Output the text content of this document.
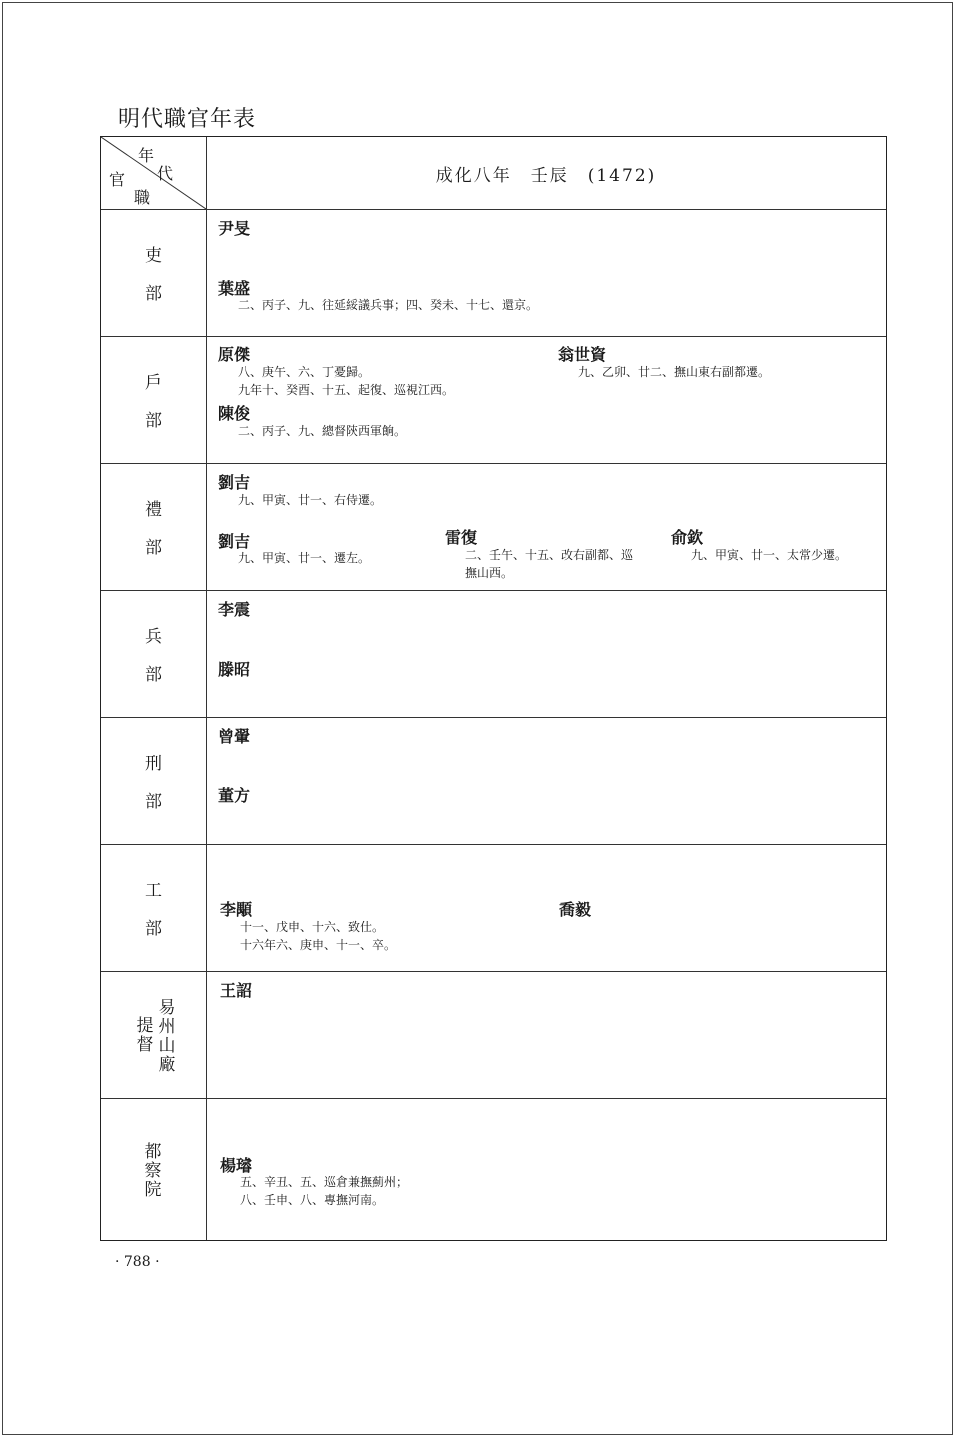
明代職官年表
年
代
官
職
成化八年　壬辰　(1472)
吏
部
尹旻
葉盛
二、丙子、九、往延綏議兵事；四、癸未、十七、還京。
戶
部
原傑
八、庚午、六、丁憂歸。
九年十、癸酉、十五、起復、巡視江西。
翁世資
九、乙卯、廿二、撫山東右副都遷。
陳俊
二、丙子、九、總督陝西軍餉。
禮
部
劉吉
九、甲寅、廿一、右侍遷。
劉吉
九、甲寅、廿一、遷左。
雷復
二、壬午、十五、改右副都、巡
撫山西。
俞欽
九、甲寅、廿一、太常少遷。
兵
部
李震
滕昭
刑
部
曾翬
董方
工
部
李顒
十一、戊申、十六、致仕。
十六年六、庚申、十一、卒。
喬毅
易州山廠
提督
王詔
都察院
楊璿
五、辛丑、五、巡倉兼撫薊州；
八、壬申、八、專撫河南。
· 788 ·
